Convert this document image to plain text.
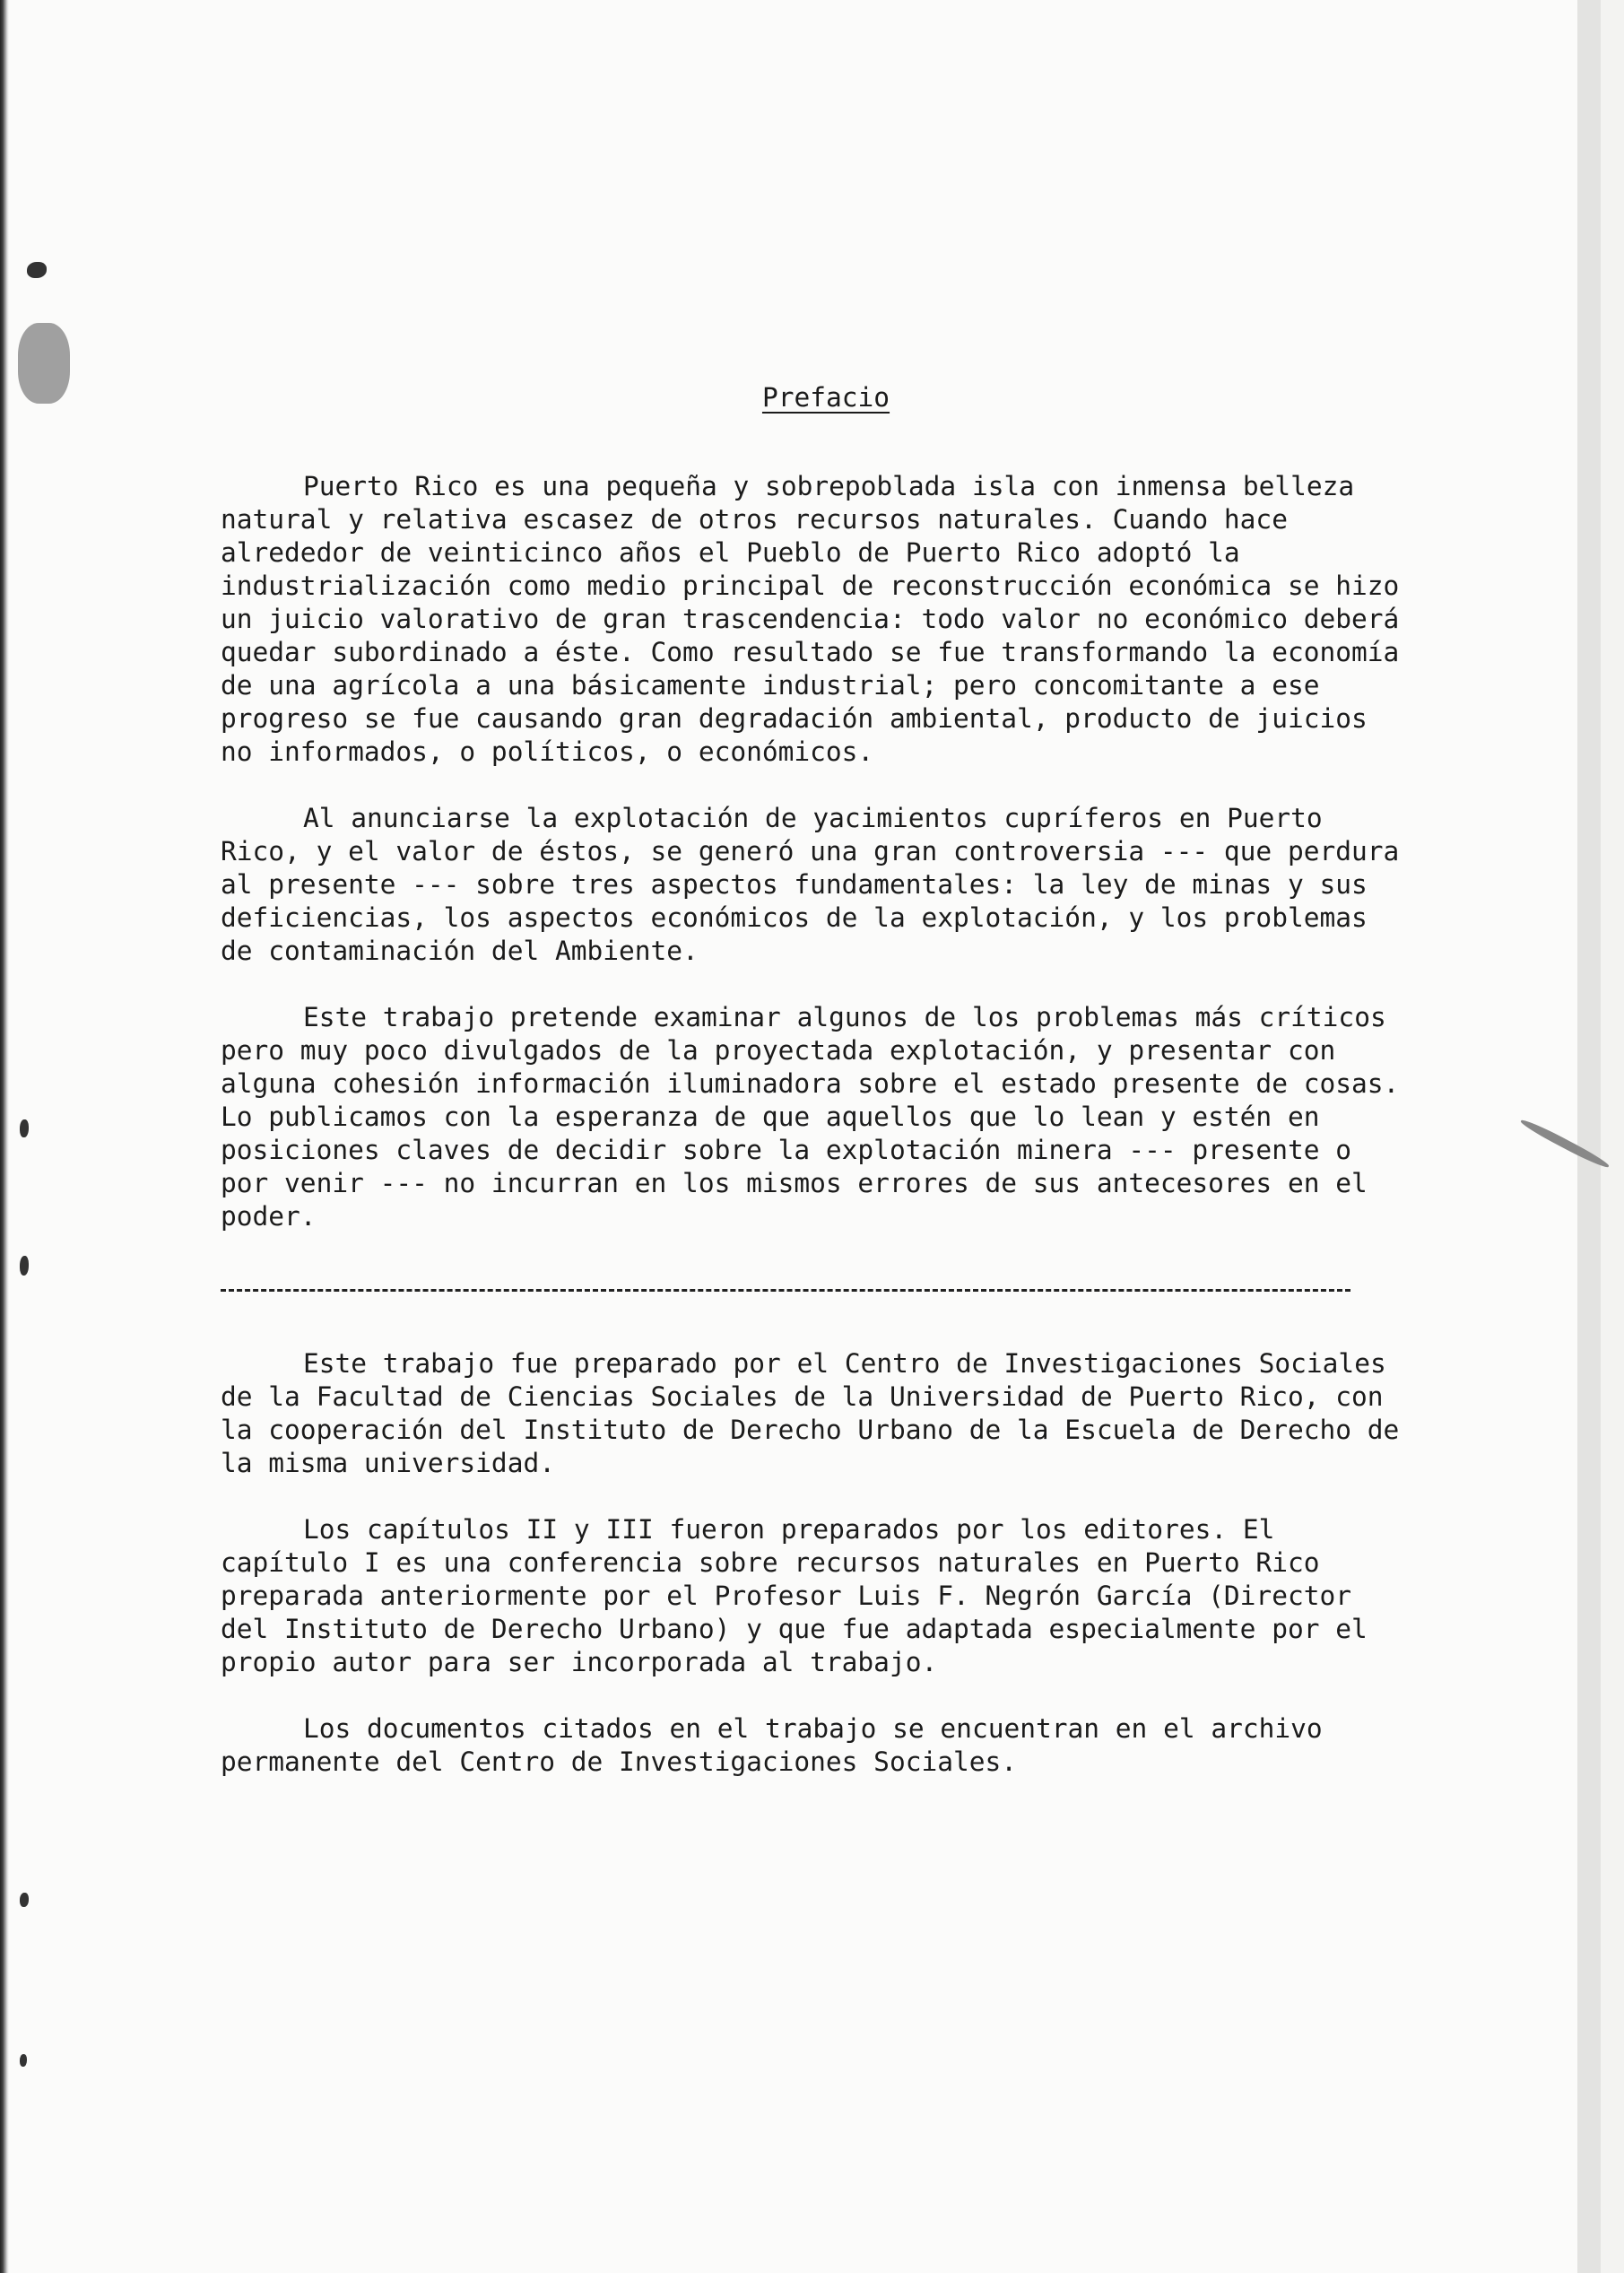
Prefacio

Puerto Rico es una pequeña y sobrepoblada isla con inmensa belleza natural y relativa escasez de otros recursos naturales. Cuando hace alrededor de veinticinco años el Pueblo de Puerto Rico adoptó la industrialización como medio principal de reconstrucción económica se hizo un juicio valorativo de gran trascendencia: todo valor no económico deberá quedar subordinado a éste. Como resultado se fue transformando la economía de una agrícola a una básicamente industrial; pero concomitante a ese progreso se fue causando gran degradación ambiental, producto de juicios no informados, o políticos, o económicos.

Al anunciarse la explotación de yacimientos cupríferos en Puerto Rico, y el valor de éstos, se generó una gran controversia --- que perdura al presente --- sobre tres aspectos fundamentales: la ley de minas y sus deficiencias, los aspectos económicos de la explotación, y los problemas de contaminación del Ambiente.

Este trabajo pretende examinar algunos de los problemas más críticos pero muy poco divulgados de la proyectada explotación, y presentar con alguna cohesión información iluminadora sobre el estado presente de cosas. Lo publicamos con la esperanza de que aquellos que lo lean y estén en posiciones claves de decidir sobre la explotación minera --- presente o por venir --- no incurran en los mismos errores de sus antecesores en el poder.

Este trabajo fue preparado por el Centro de Investigaciones Sociales de la Facultad de Ciencias Sociales de la Universidad de Puerto Rico, con la cooperación del Instituto de Derecho Urbano de la Escuela de Derecho de la misma universidad.

Los capítulos II y III fueron preparados por los editores. El capítulo I es una conferencia sobre recursos naturales en Puerto Rico preparada anteriormente por el Profesor Luis F. Negrón García (Director del Instituto de Derecho Urbano) y que fue adaptada especialmente por el propio autor para ser incorporada al trabajo.

Los documentos citados en el trabajo se encuentran en el archivo permanente del Centro de Investigaciones Sociales.
